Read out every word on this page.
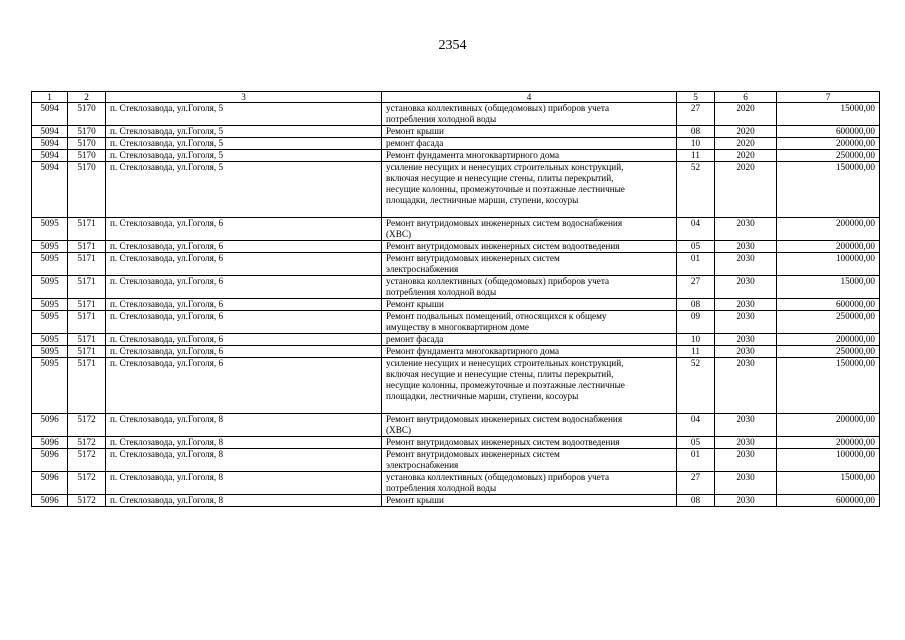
2354
1	2	3	4	5	6	7
5094	5170	п. Стеклозавода, ул.Гоголя, 5	установка коллективных (общедомовых) приборов учета
потребления холодной воды	27	2020	15000,00
5094	5170	п. Стеклозавода, ул.Гоголя, 5	Ремонт крыши	08	2020	600000,00
5094	5170	п. Стеклозавода, ул.Гоголя, 5	ремонт фасада	10	2020	200000,00
5094	5170	п. Стеклозавода, ул.Гоголя, 5	Ремонт фундамента многоквартирного дома	11	2020	250000,00
5094	5170	п. Стеклозавода, ул.Гоголя, 5	усиление несущих и ненесущих строительных конструкций,
включая несущие и ненесущие стены, плиты перекрытий,
несущие колонны, промежуточные и поэтажные лестничные
площадки, лестничные марши, ступени, косоуры	52	2020	150000,00
5095	5171	п. Стеклозавода, ул.Гоголя, 6	Ремонт внутридомовых инженерных систем водоснабжения
(ХВС)	04	2030	200000,00
5095	5171	п. Стеклозавода, ул.Гоголя, 6	Ремонт внутридомовых инженерных систем водоотведения	05	2030	200000,00
5095	5171	п. Стеклозавода, ул.Гоголя, 6	Ремонт внутридомовых инженерных систем
электроснабжения	01	2030	100000,00
5095	5171	п. Стеклозавода, ул.Гоголя, 6	установка коллективных (общедомовых) приборов учета
потребления холодной воды	27	2030	15000,00
5095	5171	п. Стеклозавода, ул.Гоголя, 6	Ремонт крыши	08	2030	600000,00
5095	5171	п. Стеклозавода, ул.Гоголя, 6	Ремонт подвальных помещений, относящихся к общему
имуществу в многоквартирном доме	09	2030	250000,00
5095	5171	п. Стеклозавода, ул.Гоголя, 6	ремонт фасада	10	2030	200000,00
5095	5171	п. Стеклозавода, ул.Гоголя, 6	Ремонт фундамента многоквартирного дома	11	2030	250000,00
5095	5171	п. Стеклозавода, ул.Гоголя, 6	усиление несущих и ненесущих строительных конструкций,
включая несущие и ненесущие стены, плиты перекрытий,
несущие колонны, промежуточные и поэтажные лестничные
площадки, лестничные марши, ступени, косоуры	52	2030	150000,00
5096	5172	п. Стеклозавода, ул.Гоголя, 8	Ремонт внутридомовых инженерных систем водоснабжения
(ХВС)	04	2030	200000,00
5096	5172	п. Стеклозавода, ул.Гоголя, 8	Ремонт внутридомовых инженерных систем водоотведения	05	2030	200000,00
5096	5172	п. Стеклозавода, ул.Гоголя, 8	Ремонт внутридомовых инженерных систем
электроснабжения	01	2030	100000,00
5096	5172	п. Стеклозавода, ул.Гоголя, 8	установка коллективных (общедомовых) приборов учета
потребления холодной воды	27	2030	15000,00
5096	5172	п. Стеклозавода, ул.Гоголя, 8	Ремонт крыши	08	2030	600000,00
